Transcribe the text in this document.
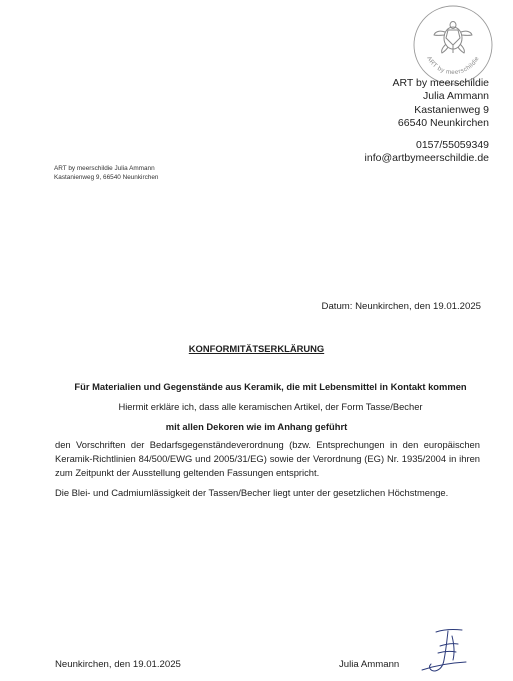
ART by meerschildie
ART by meerschildie
Julia Ammann
Kastanienweg 9
66540 Neunkirchen
0157/55059349
info@artbymeerschildie.de
ART by meerschildie Julia Ammann
Kastanienweg 9, 66540 Neunkirchen
Datum: Neunkirchen, den 19.01.2025
KONFORMITÄTSERKLÄRUNG
Für Materialien und Gegenstände aus Keramik, die mit Lebensmittel in Kontakt kommen
Hiermit erkläre ich, dass alle keramischen Artikel, der Form Tasse/Becher
mit allen Dekoren wie im Anhang geführt
den Vorschriften der Bedarfsgegenständeverordnung (bzw. Entsprechungen in den europäischen Keramik-Richtlinien 84/500/EWG und 2005/31/EG) sowie der Verordnung (EG) Nr. 1935/2004 in ihren zum Zeitpunkt der Ausstellung geltenden Fassungen entspricht.
Die Blei- und Cadmiumlässigkeit der Tassen/Becher liegt unter der gesetzlichen Höchstmenge.
Neunkirchen, den 19.01.2025	Julia Ammann
